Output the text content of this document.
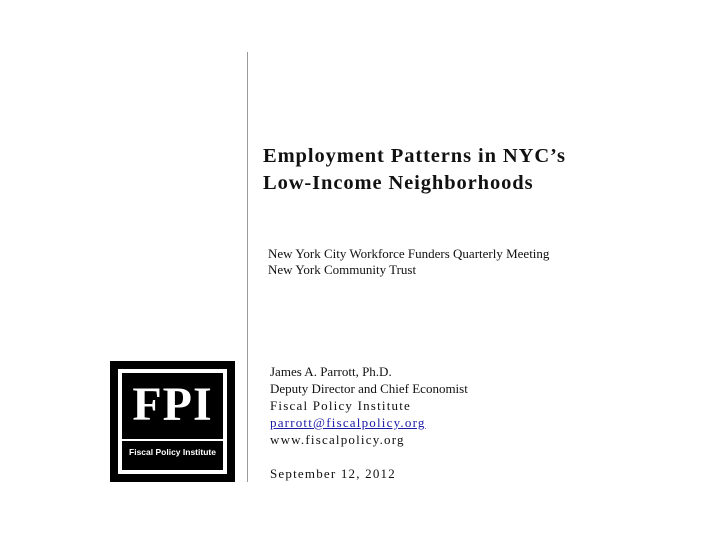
Employment Patterns in NYC’s
Low-Income Neighborhoods
New York City Workforce Funders Quarterly Meeting
New York Community Trust
James A. Parrott, Ph.D.
Deputy Director and Chief Economist
Fiscal Policy Institute
parrott@fiscalpolicy.org
www.fiscalpolicy.org
September 12, 2012
FPI
Fiscal Policy Institute
